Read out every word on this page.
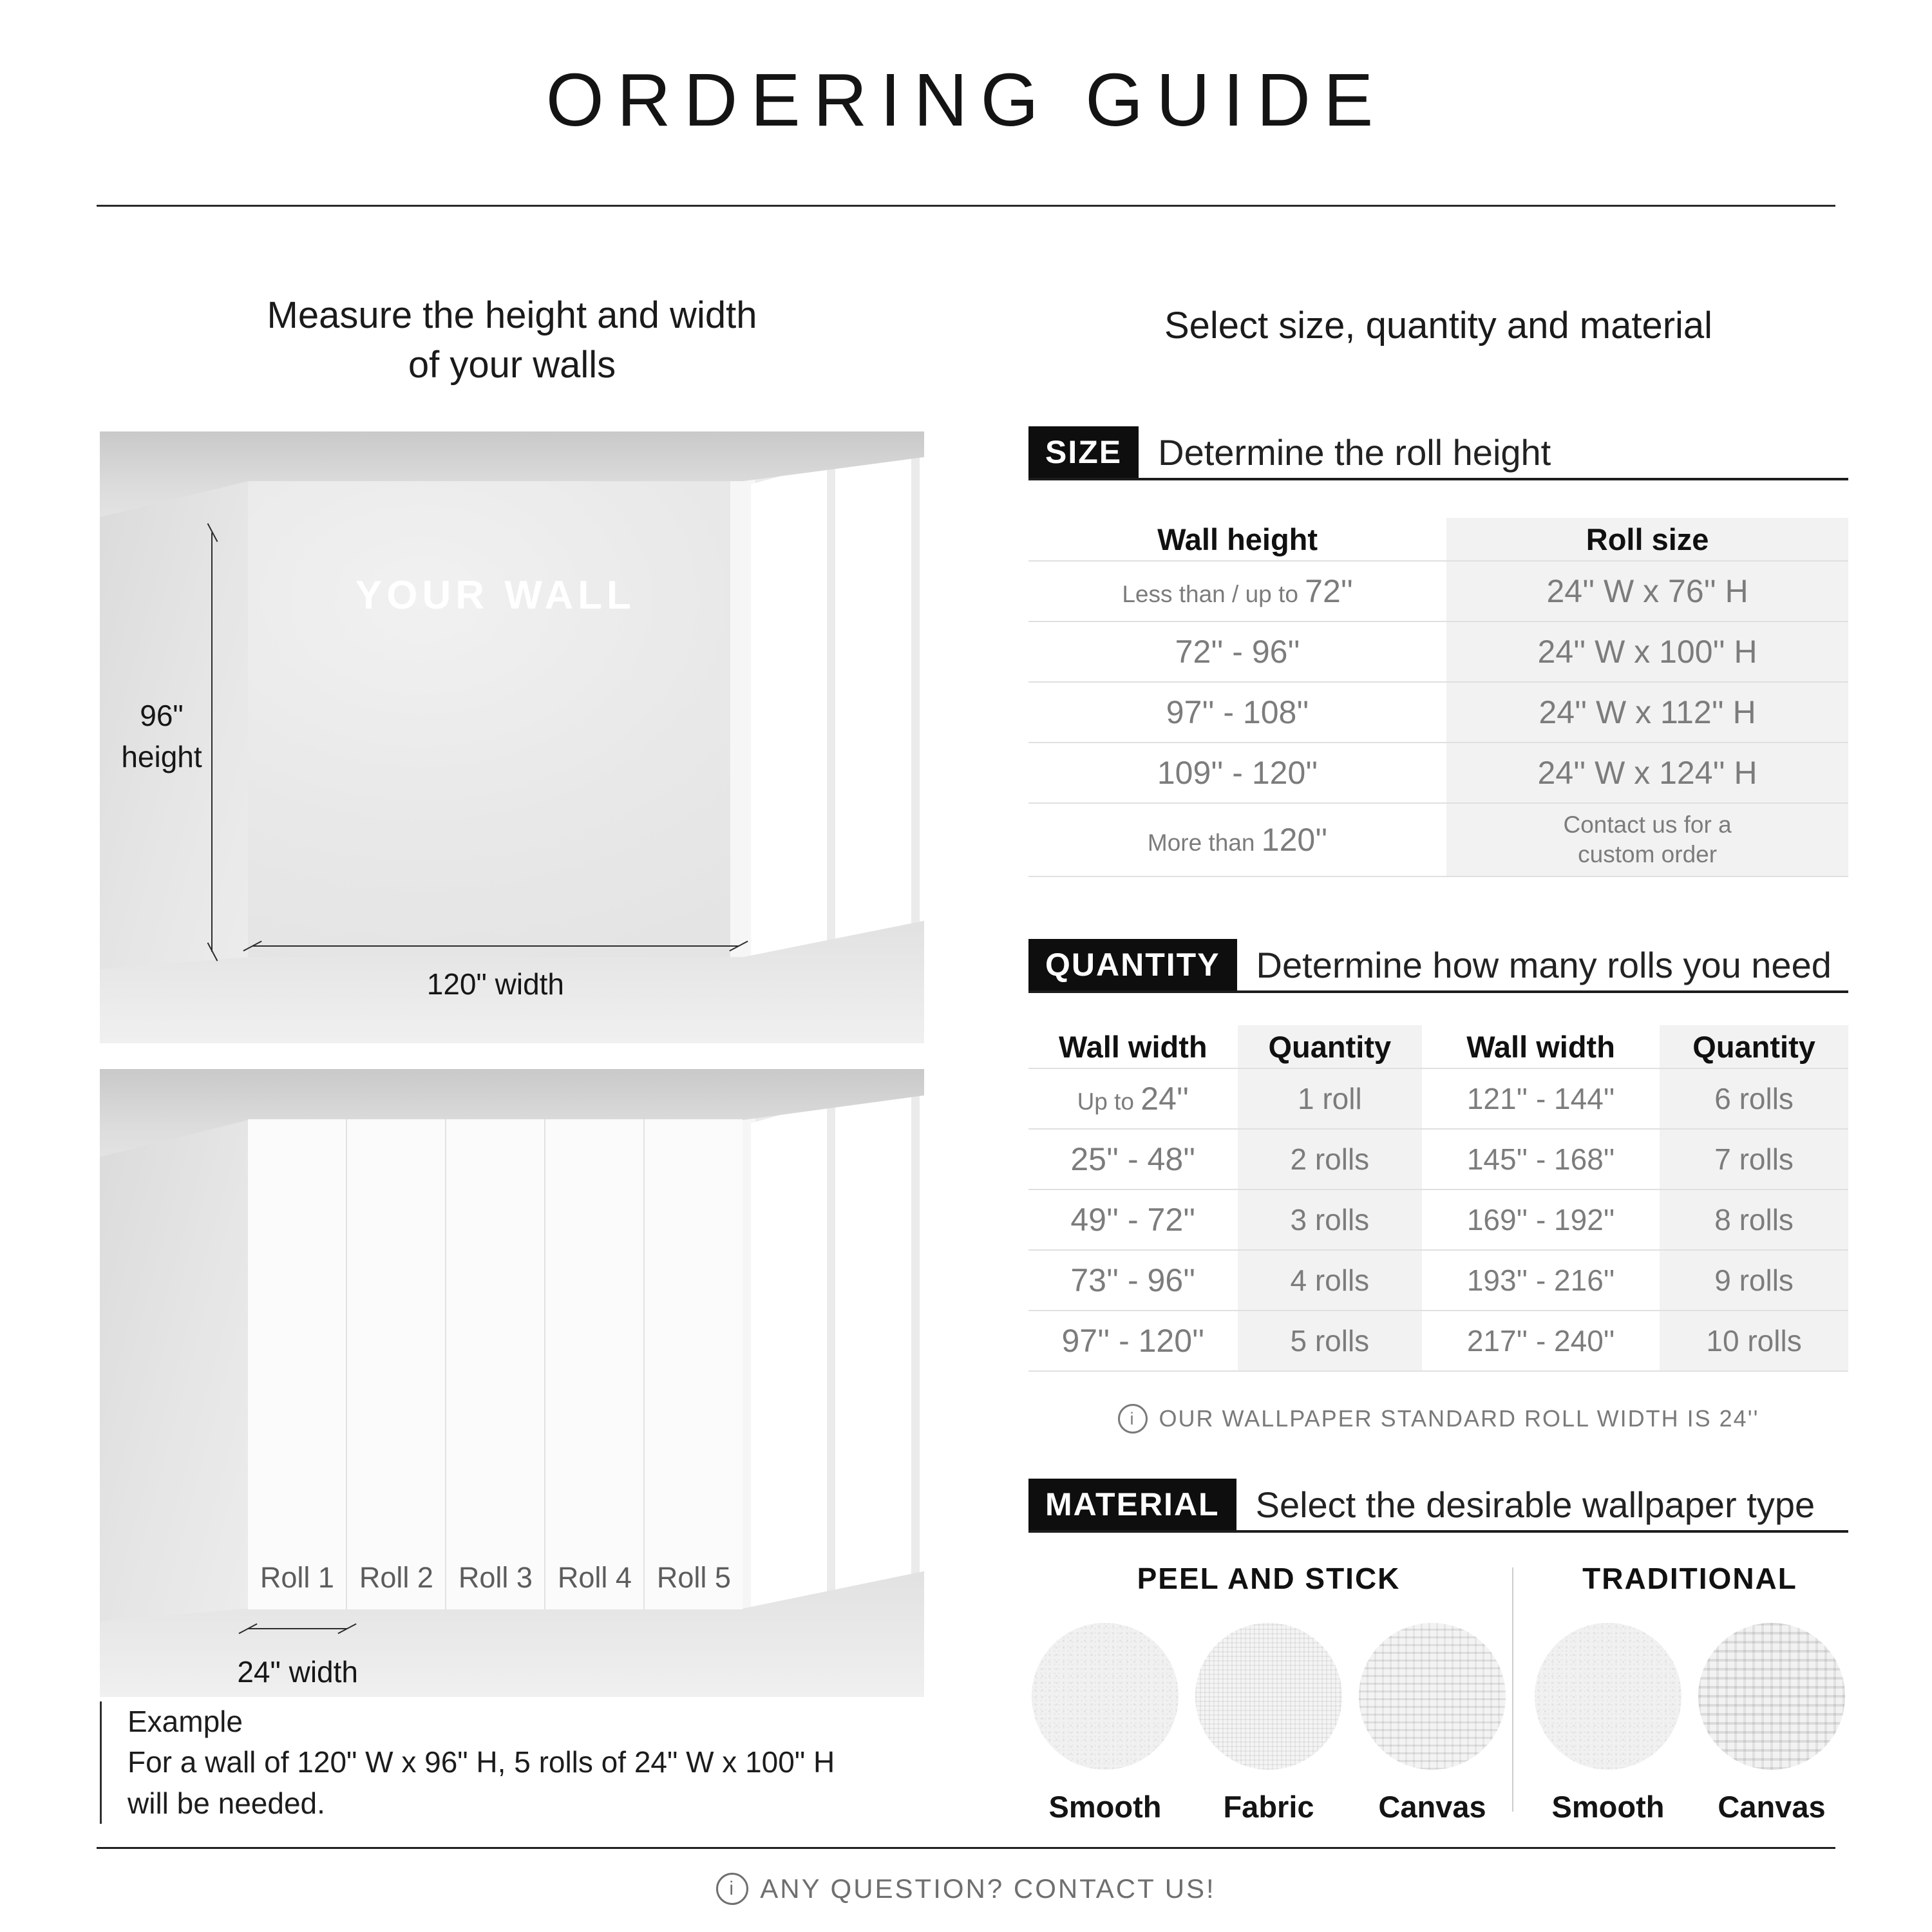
ORDERING GUIDE
Measure the height and width
of your walls
Select size, quantity and material
YOUR WALL
96"
height
120" width
Roll 1 Roll 2 Roll 3 Roll 4 Roll 5
24" width
Example
For a wall of 120" W x 96" H, 5 rolls of 24" W x 100" H
will be needed.
SIZE	Determine the roll height
Wall height	Roll size
Less than / up to 72''	24'' W x 76'' H
72'' - 96''	24'' W x 100'' H
97'' - 108''	24'' W x 112'' H
109'' - 120''	24'' W x 124'' H
More than 120''	Contact us for a
custom order
QUANTITY	Determine how many rolls you need
Wall width	Quantity	Wall width	Quantity
Up to 24''	1 roll	121'' - 144''	6 rolls
25'' - 48''	2 rolls	145'' - 168''	7 rolls
49'' - 72''	3 rolls	169'' - 192''	8 rolls
73'' - 96''	4 rolls	193'' - 216''	9 rolls
97'' - 120''	5 rolls	217'' - 240''	10 rolls
i	OUR WALLPAPER STANDARD ROLL WIDTH IS 24''
MATERIAL	Select the desirable wallpaper type
PEEL AND STICK
Smooth Fabric Canvas
TRADITIONAL
Smooth Canvas
i ANY QUESTION? CONTACT US!
